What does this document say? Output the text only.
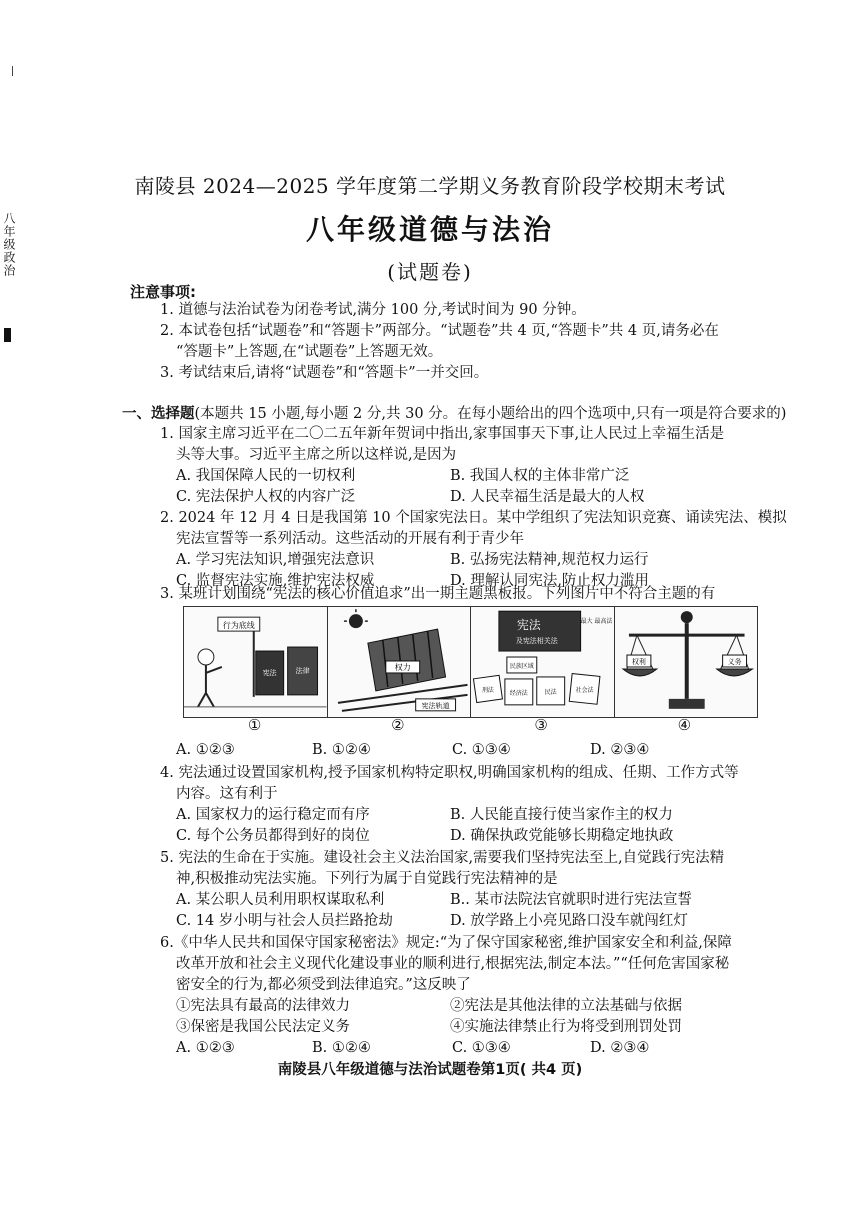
八年级政治
南陵县 2024—2025 学年度第二学期义务教育阶段学校期末考试
八年级道德与法治
(试题卷)
注意事项:
1. 道德与法治试卷为闭卷考试,满分 100 分,考试时间为 90 分钟。
2. 本试卷包括“试题卷”和“答题卡”两部分。“试题卷”共 4 页,“答题卡”共 4 页,请务必在
“答题卡”上答题,在“试题卷”上答题无效。
3. 考试结束后,请将“试题卷”和“答题卡”一并交回。
一、选择题(本题共 15 小题,每小题 2 分,共 30 分。在每小题给出的四个选项中,只有一项是符合要求的)
1. 国家主席习近平在二〇二五年新年贺词中指出,家事国事天下事,让人民过上幸福生活是
头等大事。习近平主席之所以这样说,是因为
A. 我国保障人民的一切权利	B. 我国人权的主体非常广泛
C. 宪法保护人权的内容广泛	D. 人民幸福生活是最大的人权
2. 2024 年 12 月 4 日是我国第 10 个国家宪法日。某中学组织了宪法知识竞赛、诵读宪法、模拟
宪法宣誓等一系列活动。这些活动的开展有利于青少年
A. 学习宪法知识,增强宪法意识	B. 弘扬宪法精神,规范权力运行
C. 监督宪法实施,维护宪法权威	D. 理解认同宪法,防止权力滥用
3. 某班计划围绕“宪法的核心价值追求”出一期主题黑板报。下列图片中不符合主题的有
行为底线
宪法	法律	权力
宪法轨道
宪法
及宪法相关法
最大 最高法
民族区域
刑法	经济法	民法	社会法
权利	义务
①	②	③	④
A. ①②③	B. ①②④	C. ①③④	D. ②③④
4. 宪法通过设置国家机构,授予国家机构特定职权,明确国家机构的组成、任期、工作方式等
内容。这有利于
A. 国家权力的运行稳定而有序	B. 人民能直接行使当家作主的权力
C. 每个公务员都得到好的岗位	D. 确保执政党能够长期稳定地执政
5. 宪法的生命在于实施。建设社会主义法治国家,需要我们坚持宪法至上,自觉践行宪法精
神,积极推动宪法实施。下列行为属于自觉践行宪法精神的是
A. 某公职人员利用职权谋取私利	B.. 某市法院法官就职时进行宪法宣誓
C. 14 岁小明与社会人员拦路抢劫	D. 放学路上小亮见路口没车就闯红灯
6.《中华人民共和国保守国家秘密法》规定:“为了保守国家秘密,维护国家安全和利益,保障
改革开放和社会主义现代化建设事业的顺利进行,根据宪法,制定本法。”“任何危害国家秘
密安全的行为,都必须受到法律追究。”这反映了
①宪法具有最高的法律效力	②宪法是其他法律的立法基础与依据
③保密是我国公民法定义务	④实施法律禁止行为将受到刑罚处罚
A. ①②③	B. ①②④	C. ①③④	D. ②③④
南陵县八年级道德与法治试题卷第1页( 共4 页)
